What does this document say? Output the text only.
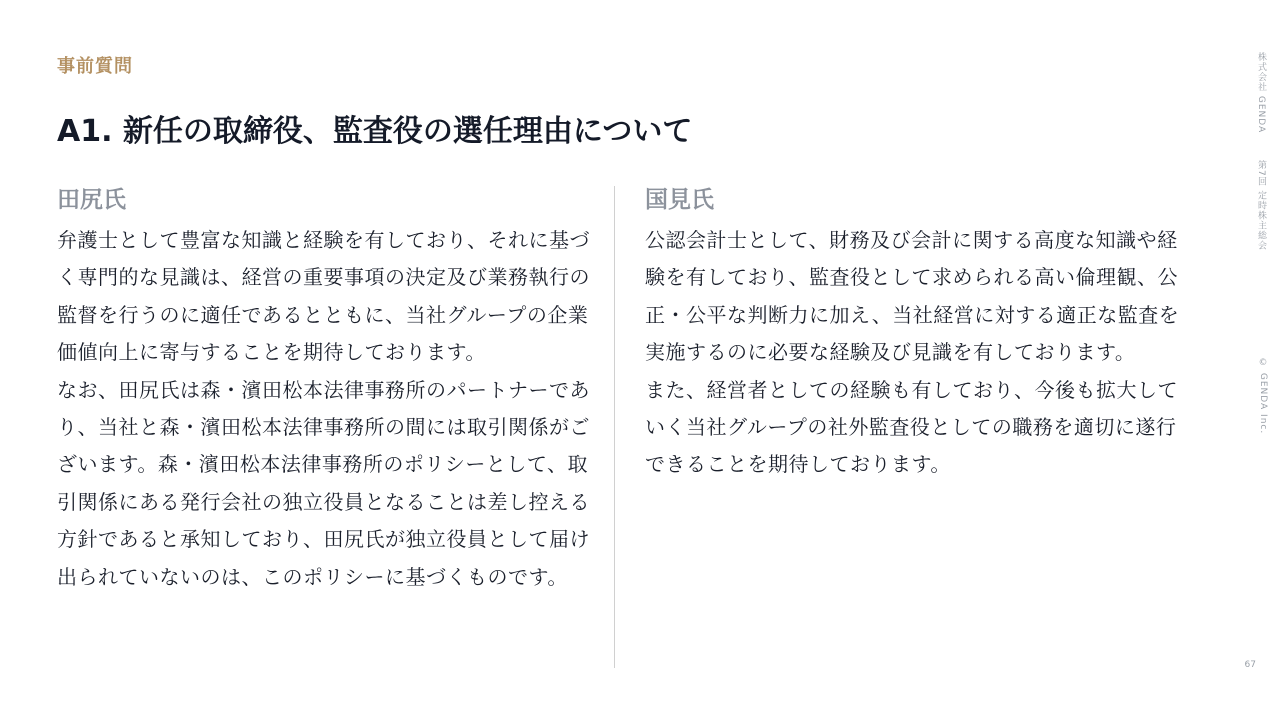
事前質問
A1. 新任の取締役、監査役の選任理由について
田尻氏

弁護士として豊富な知識と経験を有しており、それに基づく専門的な見識は、経営の重要事項の決定及び業務執行の監督を行うのに適任であるとともに、当社グループの企業価値向上に寄与することを期待しております。

なお、田尻氏は森・濱田松本法律事務所のパートナーであり、当社と森・濱田松本法律事務所の間には取引関係がございます。森・濱田松本法律事務所のポリシーとして、取引関係にある発行会社の独立役員となることは差し控える方針であると承知しており、田尻氏が独立役員として届け出られていないのは、このポリシーに基づくものです。

国見氏

公認会計士として、財務及び会計に関する高度な知識や経験を有しており、監査役として求められる高い倫理観、公正・公平な判断力に加え、当社経営に対する適正な監査を実施するのに必要な経験及び見識を有しております。

また、経営者としての経験も有しており、今後も拡大していく当社グループの社外監査役としての職務を適切に遂行できることを期待しております。

株式会社 GENDA
第7回 定時株主総会
© GENDA Inc.
67
